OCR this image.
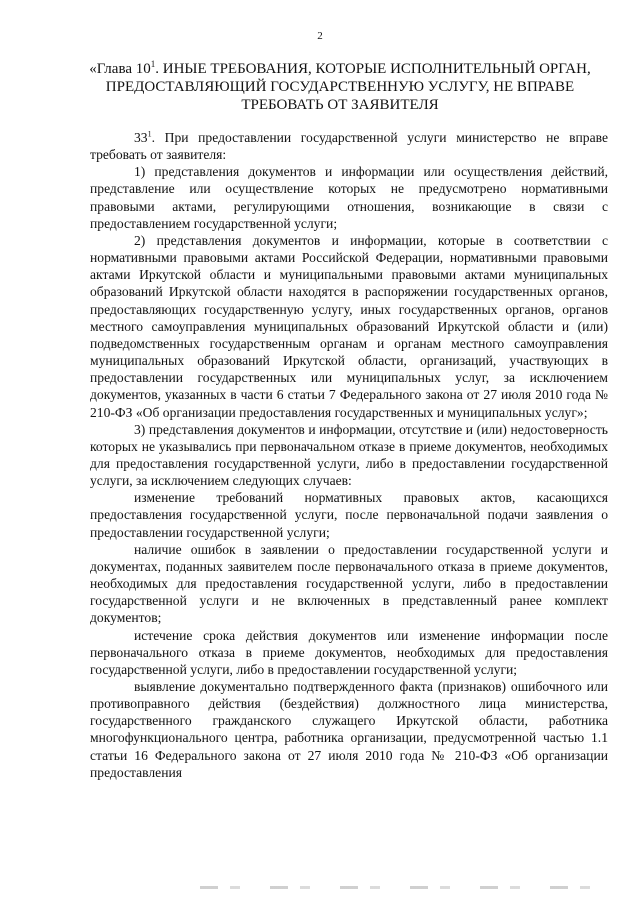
2
«Глава $10^1$. ИНЫЕ ТРЕБОВАНИЯ, КОТОРЫЕ ИСПОЛНИТЕЛЬНЫЙ ОРГАН, ПРЕДОСТАВЛЯЮЩИЙ ГОСУДАРСТВЕННУЮ УСЛУГУ, НЕ ВПРАВЕ ТРЕБОВАТЬ ОТ ЗАЯВИТЕЛЯ

$33^1$. При предоставлении государственной услуги министерство не вправе требовать от заявителя:

1) представления документов и информации или осуществления действий, представление или осуществление которых не предусмотрено нормативными правовыми актами, регулирующими отношения, возникающие в связи с предоставлением государственной услуги;

2) представления документов и информации, которые в соответствии с нормативными правовыми актами Российской Федерации, нормативными правовыми актами Иркутской области и муниципальными правовыми актами муниципальных образований Иркутской области находятся в распоряжении государственных органов, предоставляющих государственную услугу, иных государственных органов, органов местного самоуправления муниципальных образований Иркутской области и (или) подведомственных государственным органам и органам местного самоуправления муниципальных образований Иркутской области, организаций, участвующих в предоставлении государственных или муниципальных услуг, за исключением документов, указанных в части 6 статьи 7 Федерального закона от 27 июля 2010 года № 210-ФЗ «Об организации предоставления государственных и муниципальных услуг»;

3) представления документов и информации, отсутствие и (или) недостоверность которых не указывались при первоначальном отказе в приеме документов, необходимых для предоставления государственной услуги, либо в предоставлении государственной услуги, за исключением следующих случаев:

изменение требований нормативных правовых актов, касающихся предоставления государственной услуги, после первоначальной подачи заявления о предоставлении государственной услуги;

наличие ошибок в заявлении о предоставлении государственной услуги и документах, поданных заявителем после первоначального отказа в приеме документов, необходимых для предоставления государственной услуги, либо в предоставлении государственной услуги и не включенных в представленный ранее комплект документов;

истечение срока действия документов или изменение информации после первоначального отказа в приеме документов, необходимых для предоставления государственной услуги, либо в предоставлении государственной услуги;

выявление документально подтвержденного факта (признаков) ошибочного или противоправного действия (бездействия) должностного лица министерства, государственного гражданского служащего Иркутской области, работника многофункционального центра, работника организации, предусмотренной частью 1.1 статьи 16 Федерального закона от 27 июля 2010 года № 210-ФЗ «Об организации предоставления
